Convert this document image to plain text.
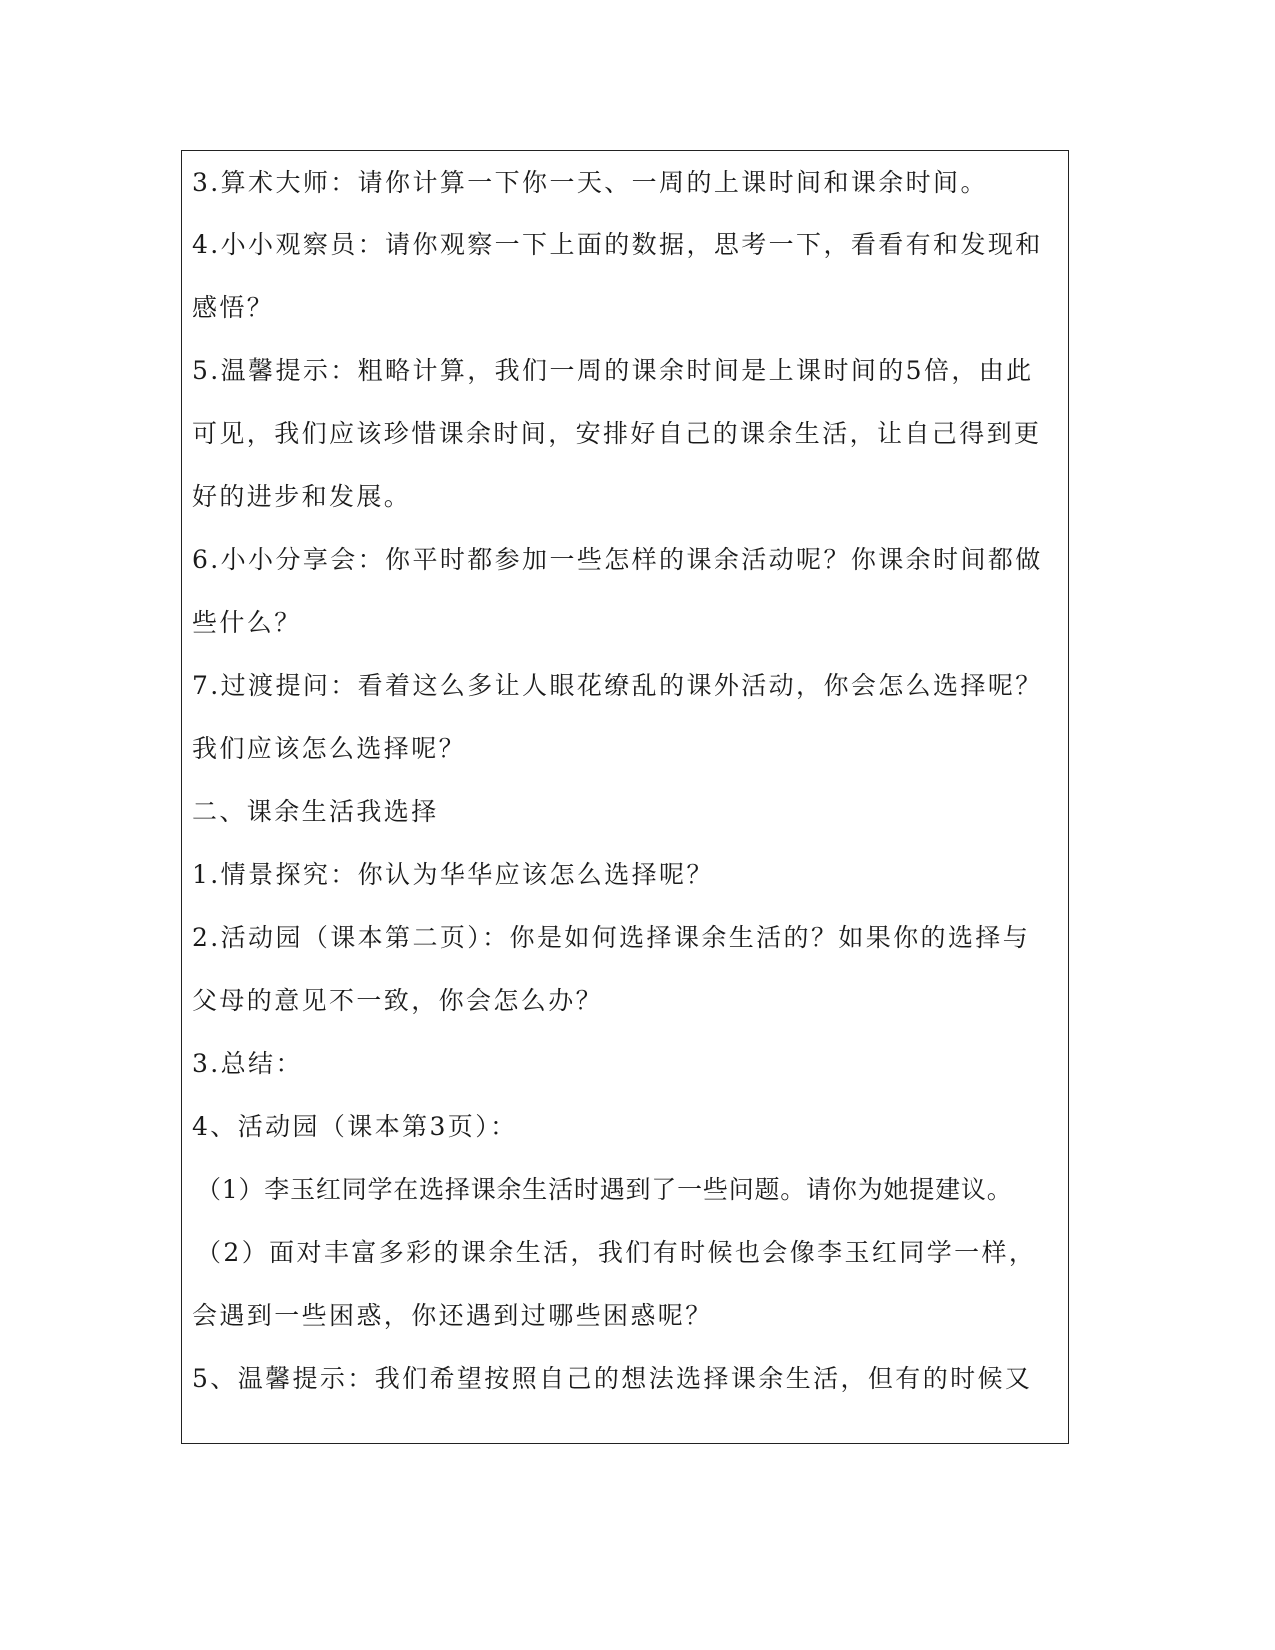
3.算术大师：请你计算一下你一天、一周的上课时间和课余时间。
4.小小观察员：请你观察一下上面的数据，思考一下，看看有和发现和
感悟？
5.温馨提示：粗略计算，我们一周的课余时间是上课时间的5倍，由此
可见，我们应该珍惜课余时间，安排好自己的课余生活，让自己得到更
好的进步和发展。
6.小小分享会：你平时都参加一些怎样的课余活动呢？你课余时间都做
些什么？
7.过渡提问：看着这么多让人眼花缭乱的课外活动，你会怎么选择呢？
我们应该怎么选择呢？
二、课余生活我选择
1.情景探究：你认为华华应该怎么选择呢？
2.活动园（课本第二页）：你是如何选择课余生活的？如果你的选择与
父母的意见不一致，你会怎么办？
3.总结：
4、活动园（课本第3页）：
（1）李玉红同学在选择课余生活时遇到了一些问题。请你为她提建议。
（2）面对丰富多彩的课余生活，我们有时候也会像李玉红同学一样，
会遇到一些困惑，你还遇到过哪些困惑呢？
5、温馨提示：我们希望按照自己的想法选择课余生活，但有的时候又
